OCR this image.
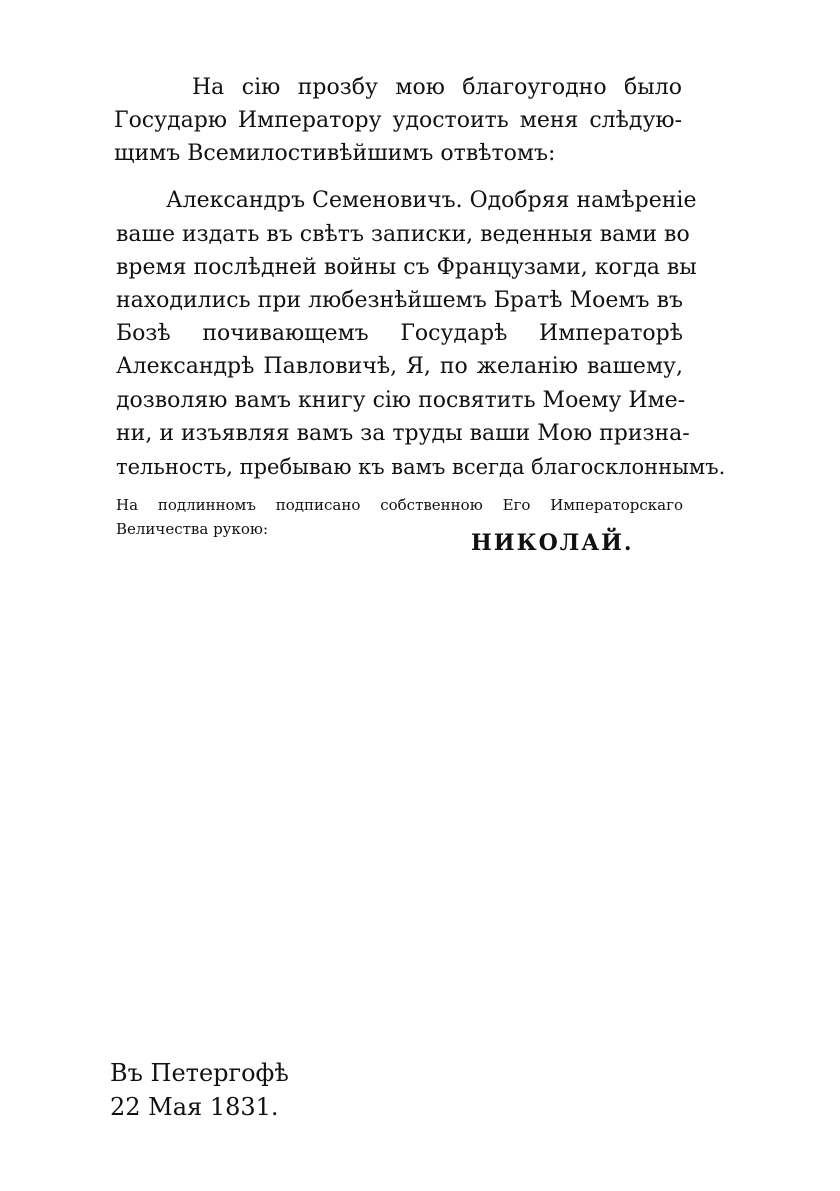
На сію прозбу мою благоугодно было
Государю Императору удостоить меня слѣдую-
щимъ Всемилостивѣйшимъ отвѣтомъ:
Александръ Семеновичъ. Одобряя намѣреніе
ваше издать въ свѣтъ записки, веденныя вами во
время послѣдней войны съ Французами, когда вы
находились при любезнѣйшемъ Братѣ Моемъ въ
Бозѣ почивающемъ Государѣ Императорѣ
Александрѣ Павловичѣ, Я, по желанію вашему,
дозволяю вамъ книгу сію посвятить Моему Име-
ни, и изъявляя вамъ за труды ваши Мою призна-
тельность, пребываю къ вамъ всегда благосклоннымъ.
На подлинномъ подписано собственною Его Императорскаго
Величества рукою:
НИКОЛАЙ.
Въ Петергофѣ
22 Мая 1831.
